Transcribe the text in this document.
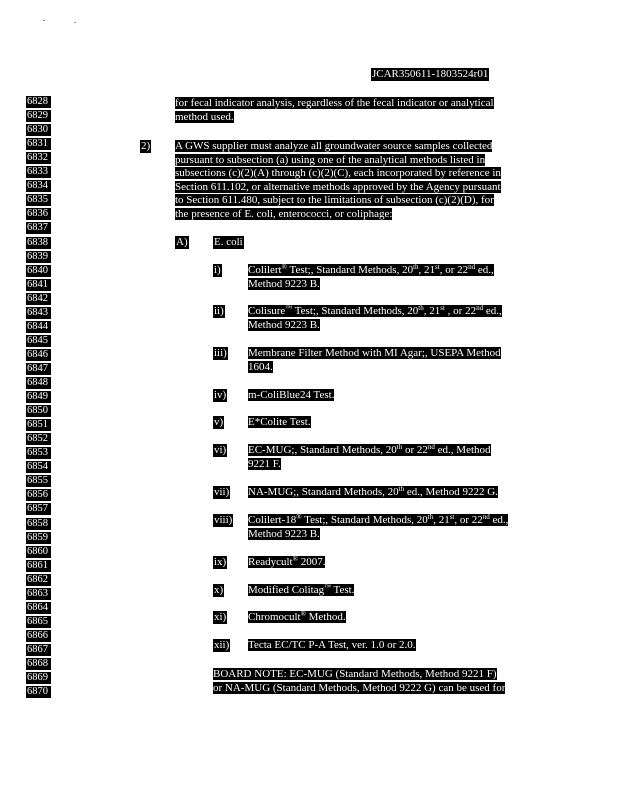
JCAR350611-1803524r01
6828
6829
6830
6831
6832
6833
6834
6835
6836
6837
6838
6839
6840
6841
6842
6843
6844
6845
6846
6847
6848
6849
6850
6851
6852
6853
6854
6855
6856
6857
6858
6859
6860
6861
6862
6863
6864
6865
6866
6867
6868
6869
6870
for fecal indicator analysis, regardless of the fecal indicator or analytical
method used.
2) A GWS supplier must analyze all groundwater source samples collected
pursuant to subsection (a) using one of the analytical methods listed in
subsections (c)(2)(A) through (c)(2)(C), each incorporated by reference in
Section 611.102, or alternative methods approved by the Agency pursuant
to Section 611.480, subject to the limitations of subsection (c)(2)(D), for
the presence of E. coli, enterococci, or coliphage:
A) E. coli
i) Colilert® Test;, Standard Methods, 20th, 21st, or 22nd ed.,
Method 9223 B.
ii) Colisure™ Test;, Standard Methods, 20th, 21st , or 22nd ed.,
Method 9223 B.
iii) Membrane Filter Method with MI Agar;, USEPA Method
1604.
iv) m-ColiBlue24 Test.
v) E*Colite Test.
vi) EC-MUG;, Standard Methods, 20th or 22nd ed., Method
9221 F.
vii) NA-MUG;, Standard Methods, 20th ed., Method 9222 G.
viii) Colilert-18® Test;, Standard Methods, 20th, 21st, or 22nd ed.,
Method 9223 B.
ix) Readycult® 2007.
x) Modified Colitag™ Test.
xi) Chromocult® Method.
xii) Tecta EC/TC P-A Test, ver. 1.0 or 2.0.
BOARD NOTE: EC-MUG (Standard Methods, Method 9221 F)
or NA-MUG (Standard Methods, Method 9222 G) can be used for
